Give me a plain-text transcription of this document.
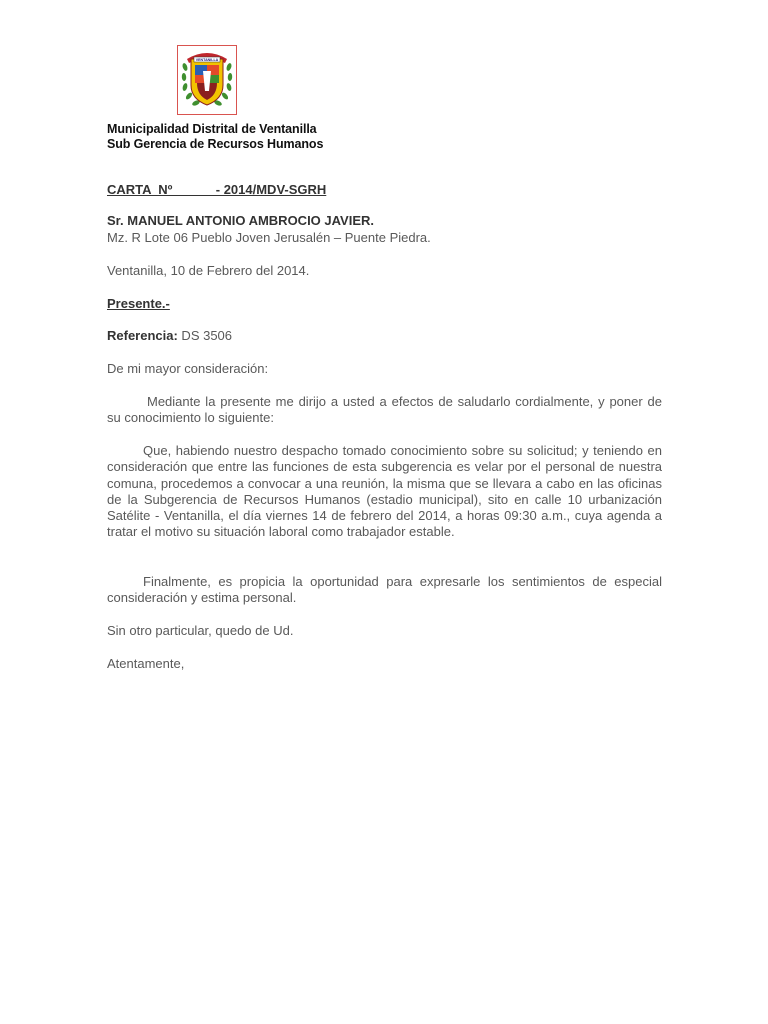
VENTANILLA
Municipalidad Distrital de Ventanilla
Sub Gerencia de Recursos Humanos
CARTA  Nº            - 2014/MDV-SGRH
Sr. MANUEL ANTONIO AMBROCIO JAVIER.
Mz. R Lote 06 Pueblo Joven Jerusalén – Puente Piedra.
Ventanilla, 10 de Febrero del 2014.
Presente.-
Referencia: DS 3506
De mi mayor consideración:
Mediante la presente me dirijo a usted a efectos de saludarlo cordialmente, y poner de su conocimiento lo siguiente:
Que, habiendo nuestro despacho tomado conocimiento sobre su solicitud; y teniendo en consideración que entre las funciones de esta subgerencia es velar por el personal de nuestra comuna, procedemos a convocar a una reunión, la misma que se llevara a cabo en las oficinas de la Subgerencia de Recursos Humanos (estadio municipal), sito en calle 10 urbanización Satélite - Ventanilla, el día viernes 14 de febrero del 2014, a horas 09:30 a.m., cuya agenda a tratar el motivo su situación laboral como trabajador estable.
Finalmente, es propicia la oportunidad para expresarle los sentimientos de especial consideración y estima personal.
Sin otro particular, quedo de Ud.
Atentamente,
